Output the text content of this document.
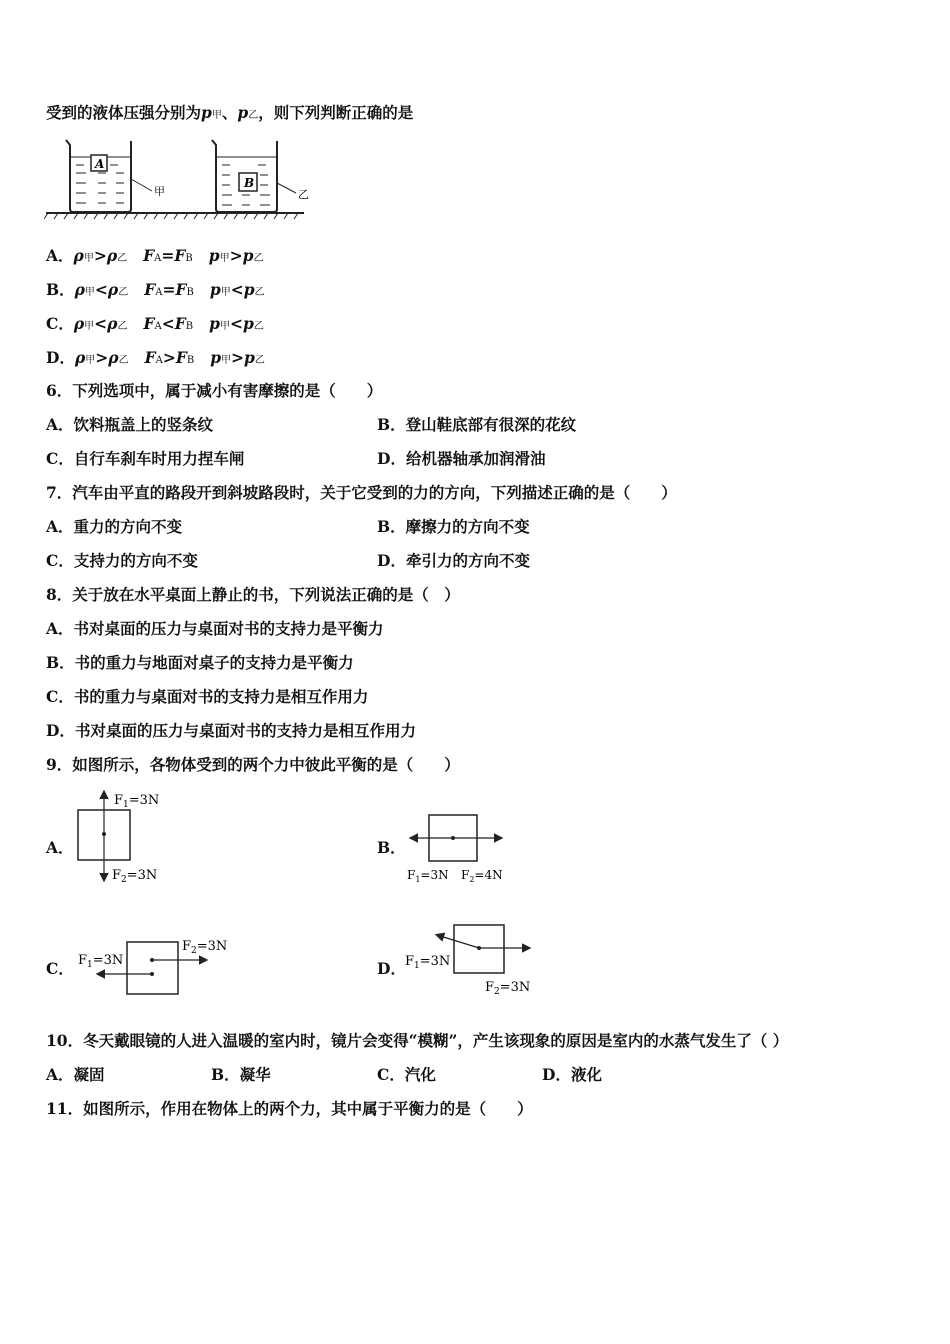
受到的液体压强分别为p甲、p乙，则下列判断正确的是
A
甲
B
乙
A．ρ甲>ρ乙 FA=FB p甲>p乙
B．ρ甲<ρ乙 FA=FB p甲<p乙
C．ρ甲<ρ乙 FA<FB p甲<p乙
D．ρ甲>ρ乙 FA>FB p甲>p乙
6．下列选项中，属于减小有害摩擦的是（　　）
A．饮料瓶盖上的竖条纹	B．登山鞋底部有很深的花纹
C．自行车刹车时用力捏车闸	D．给机器轴承加润滑油
7．汽车由平直的路段开到斜坡路段时，关于它受到的力的方向，下列描述正确的是（　　）
A．重力的方向不变	B．摩擦力的方向不变
C．支持力的方向不变	D．牵引力的方向不变
8．关于放在水平桌面上静止的书，下列说法正确的是（　）
A．书对桌面的压力与桌面对书的支持力是平衡力
B．书的重力与地面对桌子的支持力是平衡力
C．书的重力与桌面对书的支持力是相互作用力
D．书对桌面的压力与桌面对书的支持力是相互作用力
9．如图所示，各物体受到的两个力中彼此平衡的是（　　）
A．
$F_1=3N$
$F_2=3N$
B．
$F_1=3N$ $F_2=4N$
C． $F_1=3N$
$F_2=3N$
D． $F_1=3N$
$F_2=3N$
10．冬天戴眼镜的人进入温暖的室内时，镜片会变得“模糊”，产生该现象的原因是室内的水蒸气发生了（ ）
A．凝固	B．凝华	C．汽化	D．液化
11．如图所示，作用在物体上的两个力，其中属于平衡力的是（　　）
